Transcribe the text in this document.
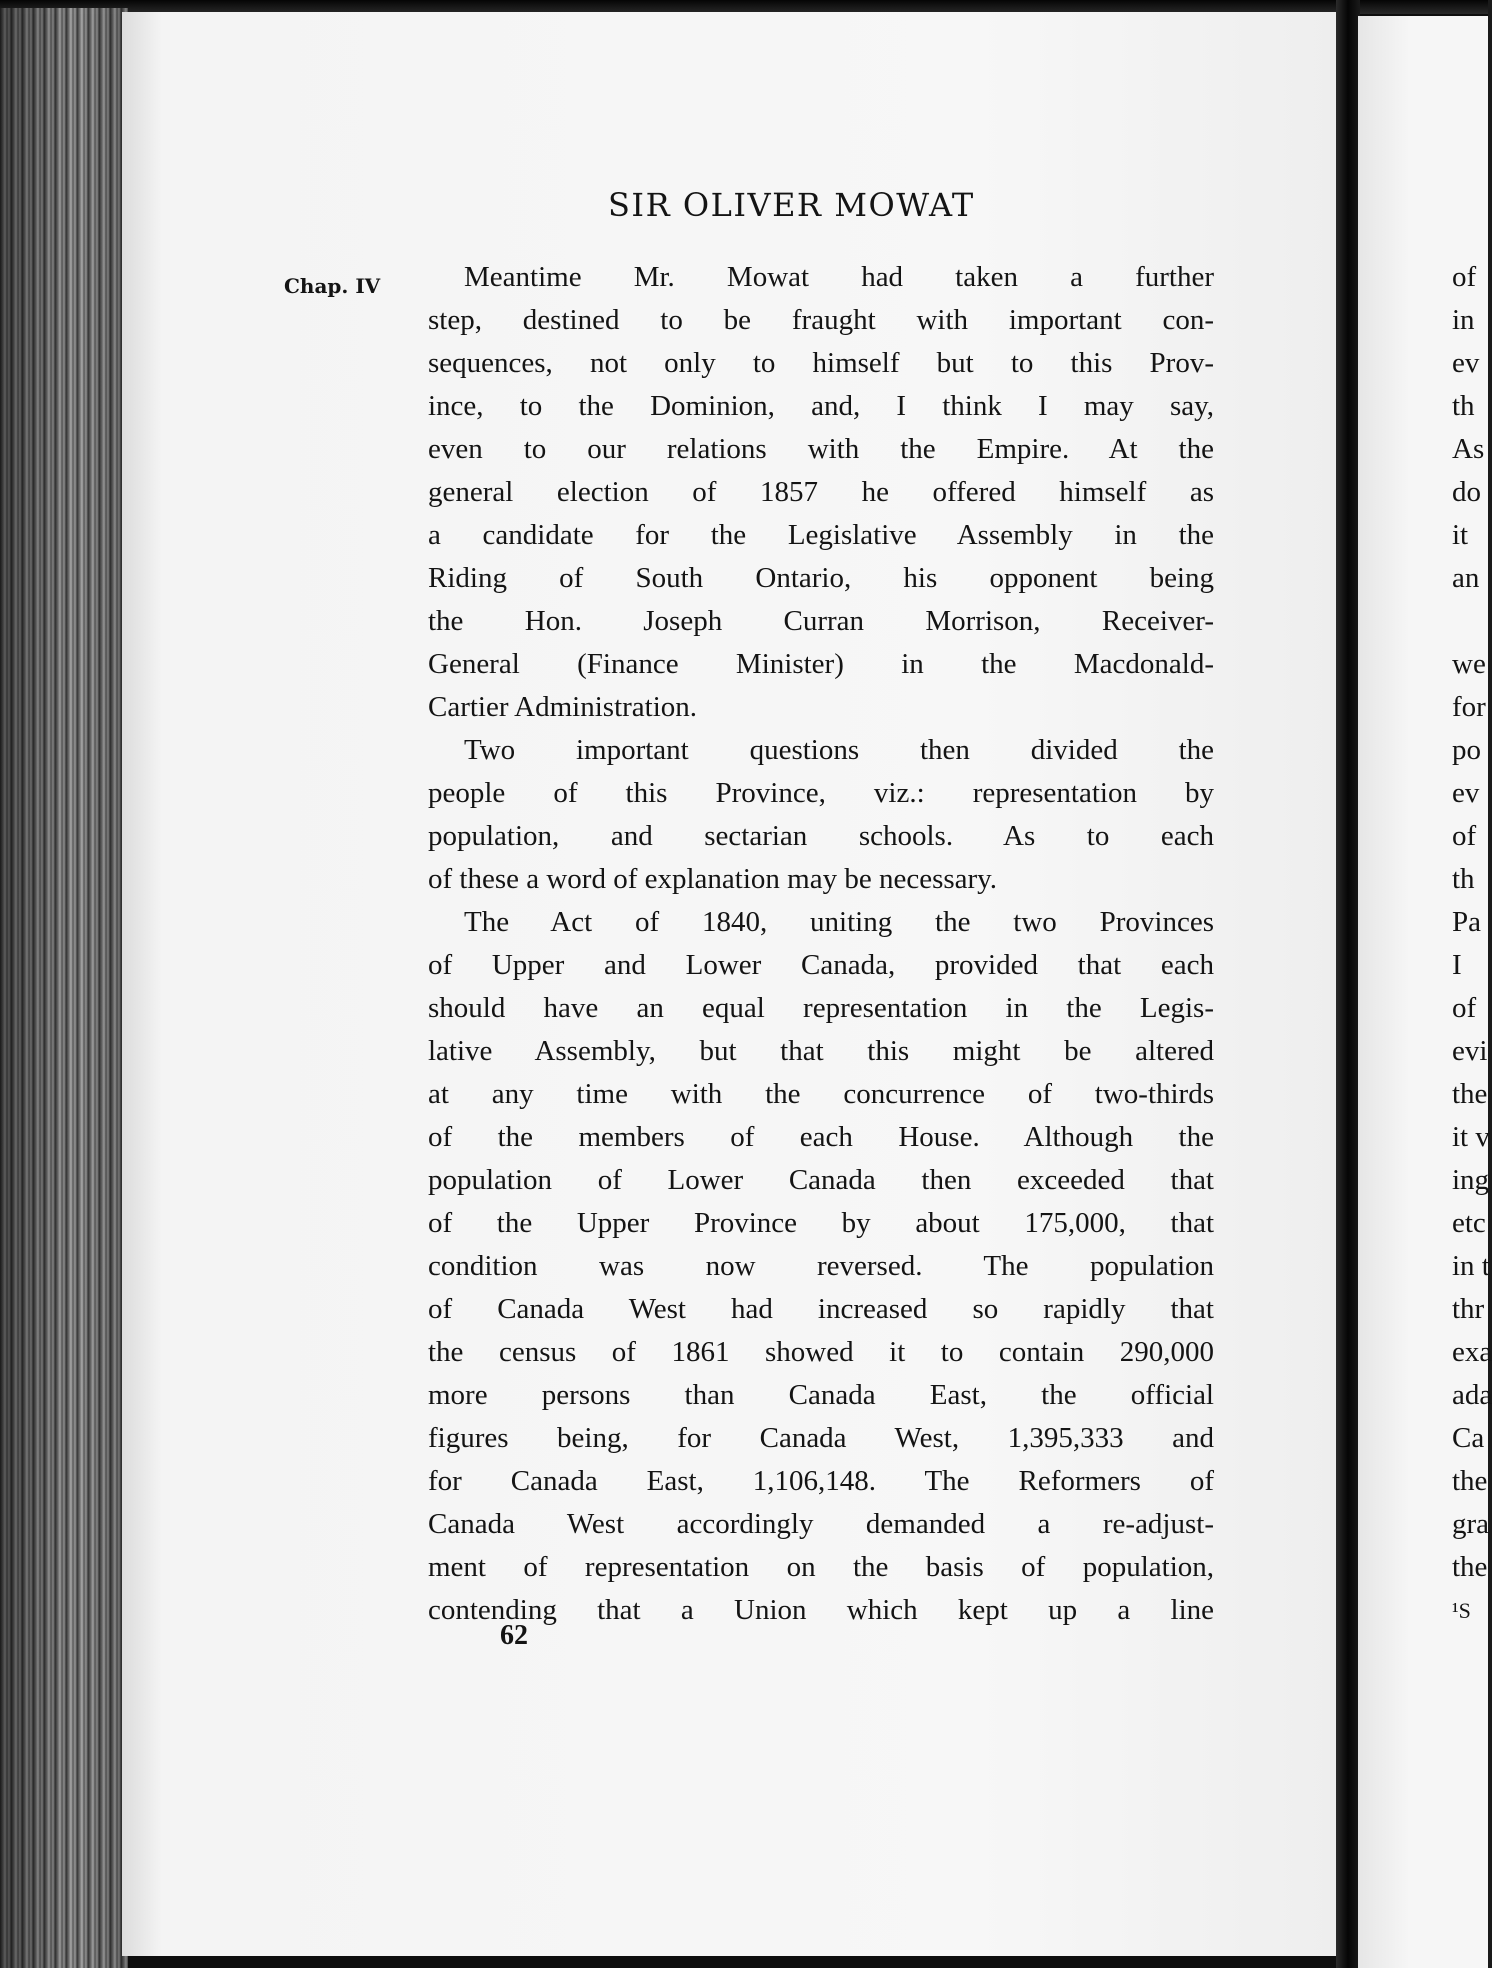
SIR OLIVER MOWAT
Chap. IV	Meantime Mr. Mowat had taken a further
step, destined to be fraught with important con-
sequences, not only to himself but to this Prov-
ince, to the Dominion, and, I think I may say,
even to our relations with the Empire. At the
general election of 1857 he offered himself as
a candidate for the Legislative Assembly in the
Riding of South Ontario, his opponent being
the Hon. Joseph Curran Morrison, Receiver-
General (Finance Minister) in the Macdonald-
Cartier Administration.
Two important questions then divided the
people of this Province, viz.: representation by
population, and sectarian schools. As to each
of these a word of explanation may be necessary.
The Act of 1840, uniting the two Provinces
of Upper and Lower Canada, provided that each
should have an equal representation in the Legis-
lative Assembly, but that this might be altered
at any time with the concurrence of two-thirds
of the members of each House. Although the
population of Lower Canada then exceeded that
of the Upper Province by about 175,000, that
condition was now reversed. The population
of Canada West had increased so rapidly that
the census of 1861 showed it to contain 290,000
more persons than Canada East, the official
figures being, for Canada West, 1,395,333 and
for Canada East, 1,106,148. The Reformers of
Canada West accordingly demanded a re-adjust-
ment of representation on the basis of population,
contending that a Union which kept up a line
62
of
in
ev
th
As
do
it
an
we
for
po
ev
of
th
Pa
I
of
evi
the
it v
ing
etc
in t
thr
exa
ada
Ca
the
gra
the
¹S
